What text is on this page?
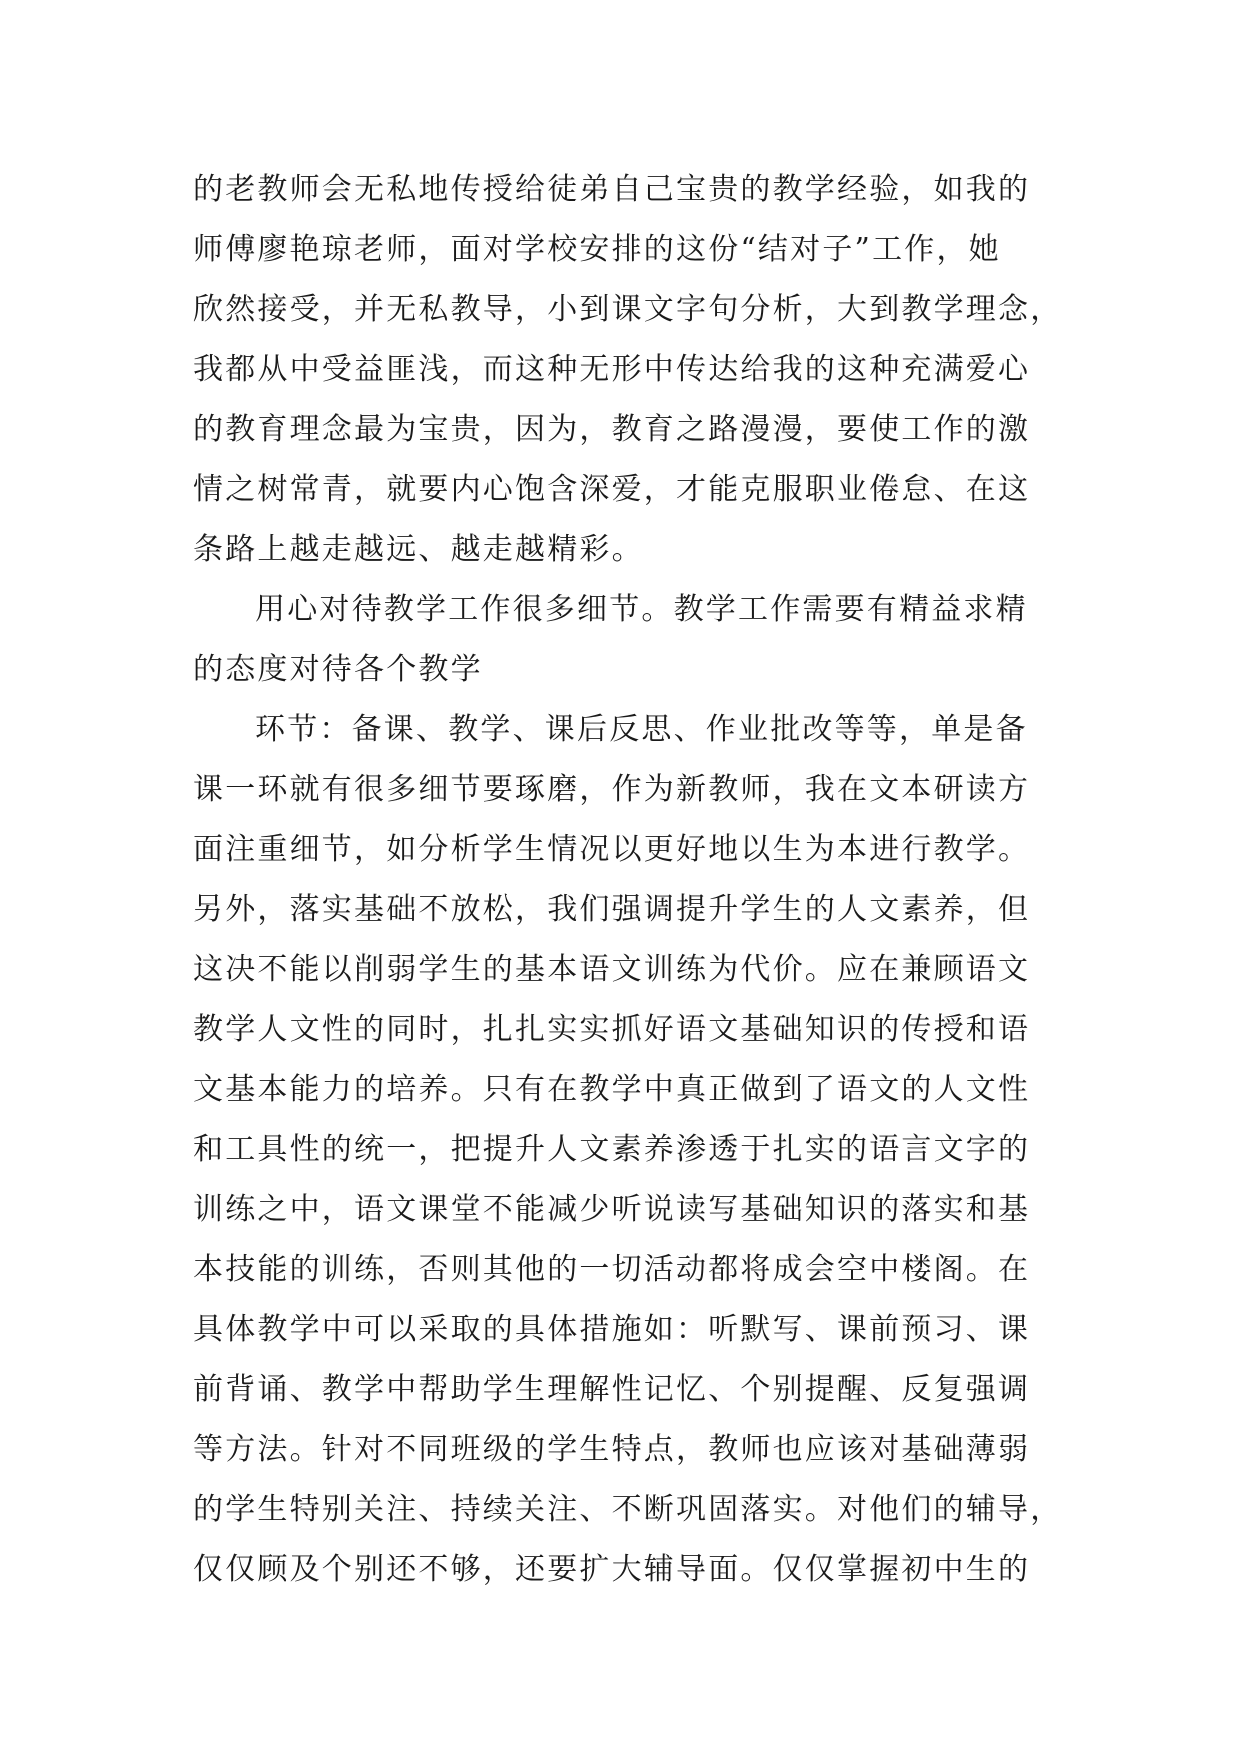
的老教师会无私地传授给徒弟自己宝贵的教学经验，如我的
师傅廖艳琼老师，面对学校安排的这份“结对子”工作，她
欣然接受，并无私教导，小到课文字句分析，大到教学理念，
我都从中受益匪浅，而这种无形中传达给我的这种充满爱心
的教育理念最为宝贵，因为，教育之路漫漫，要使工作的激
情之树常青，就要内心饱含深爱，才能克服职业倦怠、在这
条路上越走越远、越走越精彩。
用心对待教学工作很多细节。教学工作需要有精益求精
的态度对待各个教学
环节：备课、教学、课后反思、作业批改等等，单是备
课一环就有很多细节要琢磨，作为新教师，我在文本研读方
面注重细节，如分析学生情况以更好地以生为本进行教学。
另外，落实基础不放松，我们强调提升学生的人文素养，但
这决不能以削弱学生的基本语文训练为代价。应在兼顾语文
教学人文性的同时，扎扎实实抓好语文基础知识的传授和语
文基本能力的培养。只有在教学中真正做到了语文的人文性
和工具性的统一，把提升人文素养渗透于扎实的语言文字的
训练之中，语文课堂不能减少听说读写基础知识的落实和基
本技能的训练，否则其他的一切活动都将成会空中楼阁。在
具体教学中可以采取的具体措施如：听默写、课前预习、课
前背诵、教学中帮助学生理解性记忆、个别提醒、反复强调
等方法。针对不同班级的学生特点，教师也应该对基础薄弱
的学生特别关注、持续关注、不断巩固落实。对他们的辅导，
仅仅顾及个别还不够，还要扩大辅导面。仅仅掌握初中生的
